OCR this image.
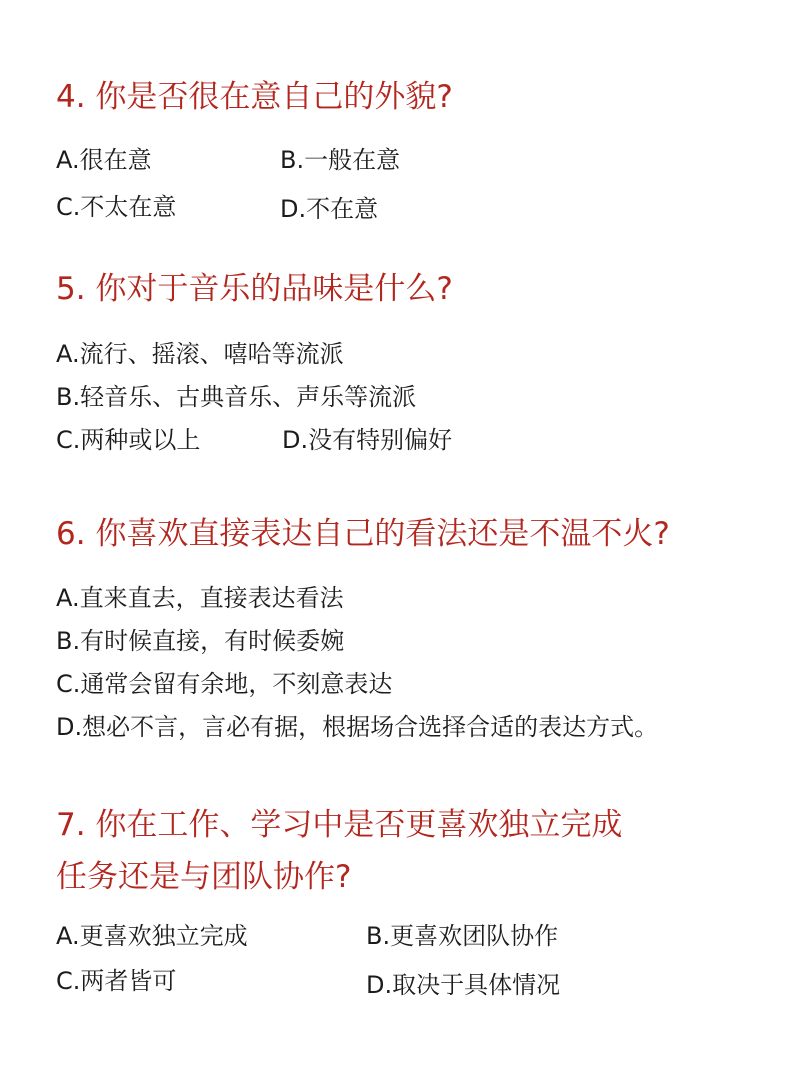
4. 你是否很在意自己的外貌?
A.很在意	B.一般在意
C.不太在意	D.不在意
5. 你对于音乐的品味是什么?
A.流行、摇滚、嘻哈等流派
B.轻音乐、古典音乐、声乐等流派
C.两种或以上	D.没有特别偏好
6. 你喜欢直接表达自己的看法还是不温不火?
A.直来直去，直接表达看法
B.有时候直接，有时候委婉
C.通常会留有余地，不刻意表达
D.想必不言，言必有据，根据场合选择合适的表达方式。
7. 你在工作、学习中是否更喜欢独立完成
任务还是与团队协作?
A.更喜欢独立完成	B.更喜欢团队协作
C.两者皆可	D.取决于具体情况
